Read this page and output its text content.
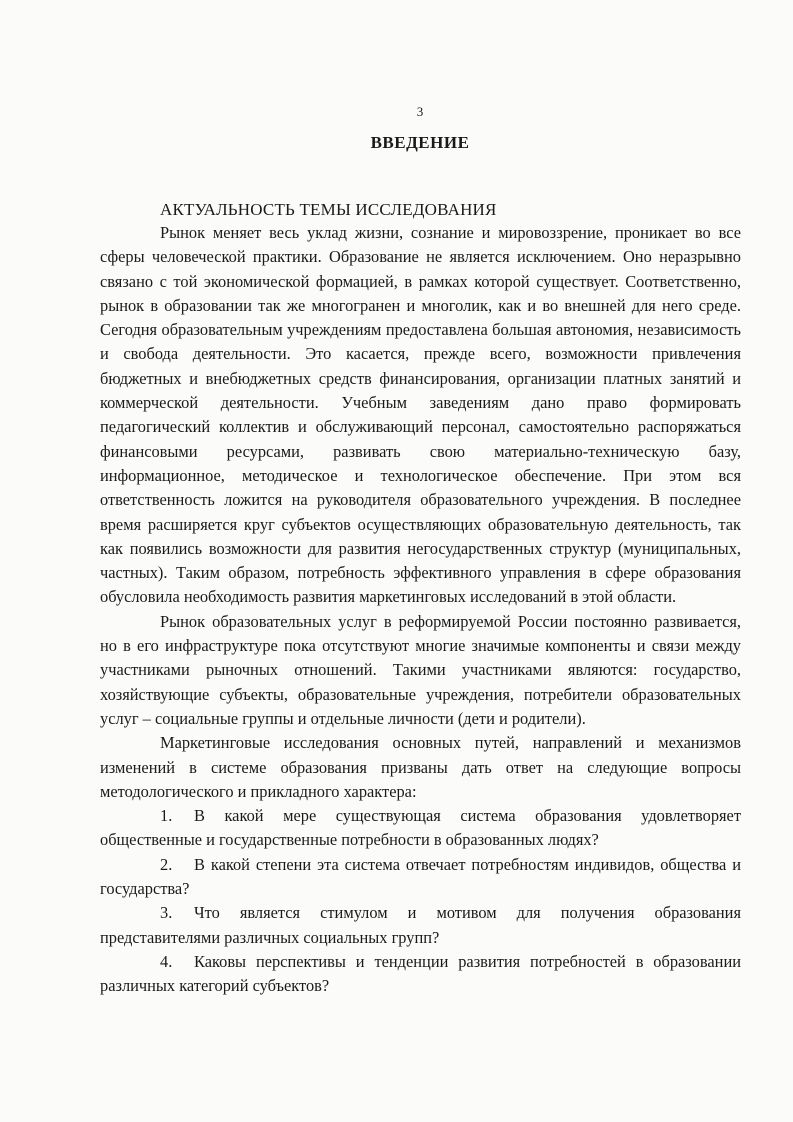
3
ВВЕДЕНИЕ
АКТУАЛЬНОСТЬ ТЕМЫ ИССЛЕДОВАНИЯ

Рынок меняет весь уклад жизни, сознание и мировоззрение, проникает во все сферы человеческой практики. Образование не является исключением. Оно неразрывно связано с той экономической формацией, в рамках которой существует. Соответственно, рынок в образовании так же многогранен и многолик, как и во внешней для него среде. Сегодня образовательным учреждениям предоставлена большая автономия, независимость и свобода деятельности. Это касается, прежде всего, возможности привлечения бюджетных и внебюджетных средств финансирования, организации платных занятий и коммерческой деятельности. Учебным заведениям дано право формировать педагогический коллектив и обслуживающий персонал, самостоятельно распоряжаться финансовыми ресурсами, развивать свою материально-техническую базу, информационное, методическое и технологическое обеспечение. При этом вся ответственность ложится на руководителя образовательного учреждения. В последнее время расширяется круг субъектов осуществляющих образовательную деятельность, так как появились возможности для развития негосударственных структур (муниципальных, частных). Таким образом, потребность эффективного управления в сфере образования обусловила необходимость развития маркетинговых исследований в этой области.

Рынок образовательных услуг в реформируемой России постоянно развивается, но в его инфраструктуре пока отсутствуют многие значимые компоненты и связи между участниками рыночных отношений. Такими участниками являются: государство, хозяйствующие субъекты, образовательные учреждения, потребители образовательных услуг – социальные группы и отдельные личности (дети и родители).

Маркетинговые исследования основных путей, направлений и механизмов изменений в системе образования призваны дать ответ на следующие вопросы методологического и прикладного характера:

1. В какой мере существующая система образования удовлетворяет общественные и государственные потребности в образованных людях?

2. В какой степени эта система отвечает потребностям индивидов, общества и государства?

3. Что является стимулом и мотивом для получения образования представителями различных социальных групп?

4. Каковы перспективы и тенденции развития потребностей в образовании различных категорий субъектов?
